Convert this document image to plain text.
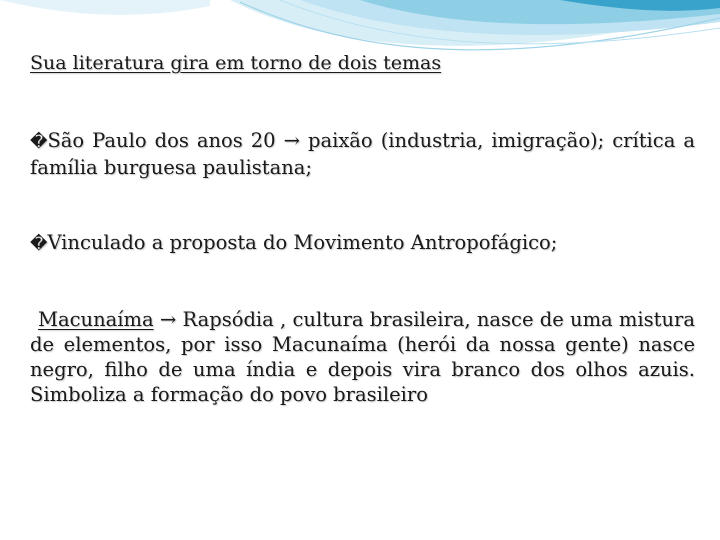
Sua literatura gira em torno de dois temas
�São Paulo dos anos 20 → paixão (industria, imigração); crítica a família burguesa paulistana;
�Vinculado a proposta do Movimento Antropofágico;
Macunaíma → Rapsódia , cultura brasileira, nasce de uma mistura de elementos, por isso Macunaíma (herói da nossa gente) nasce negro, filho de uma índia e depois vira branco dos olhos azuis. Simboliza a formação do povo brasileiro
